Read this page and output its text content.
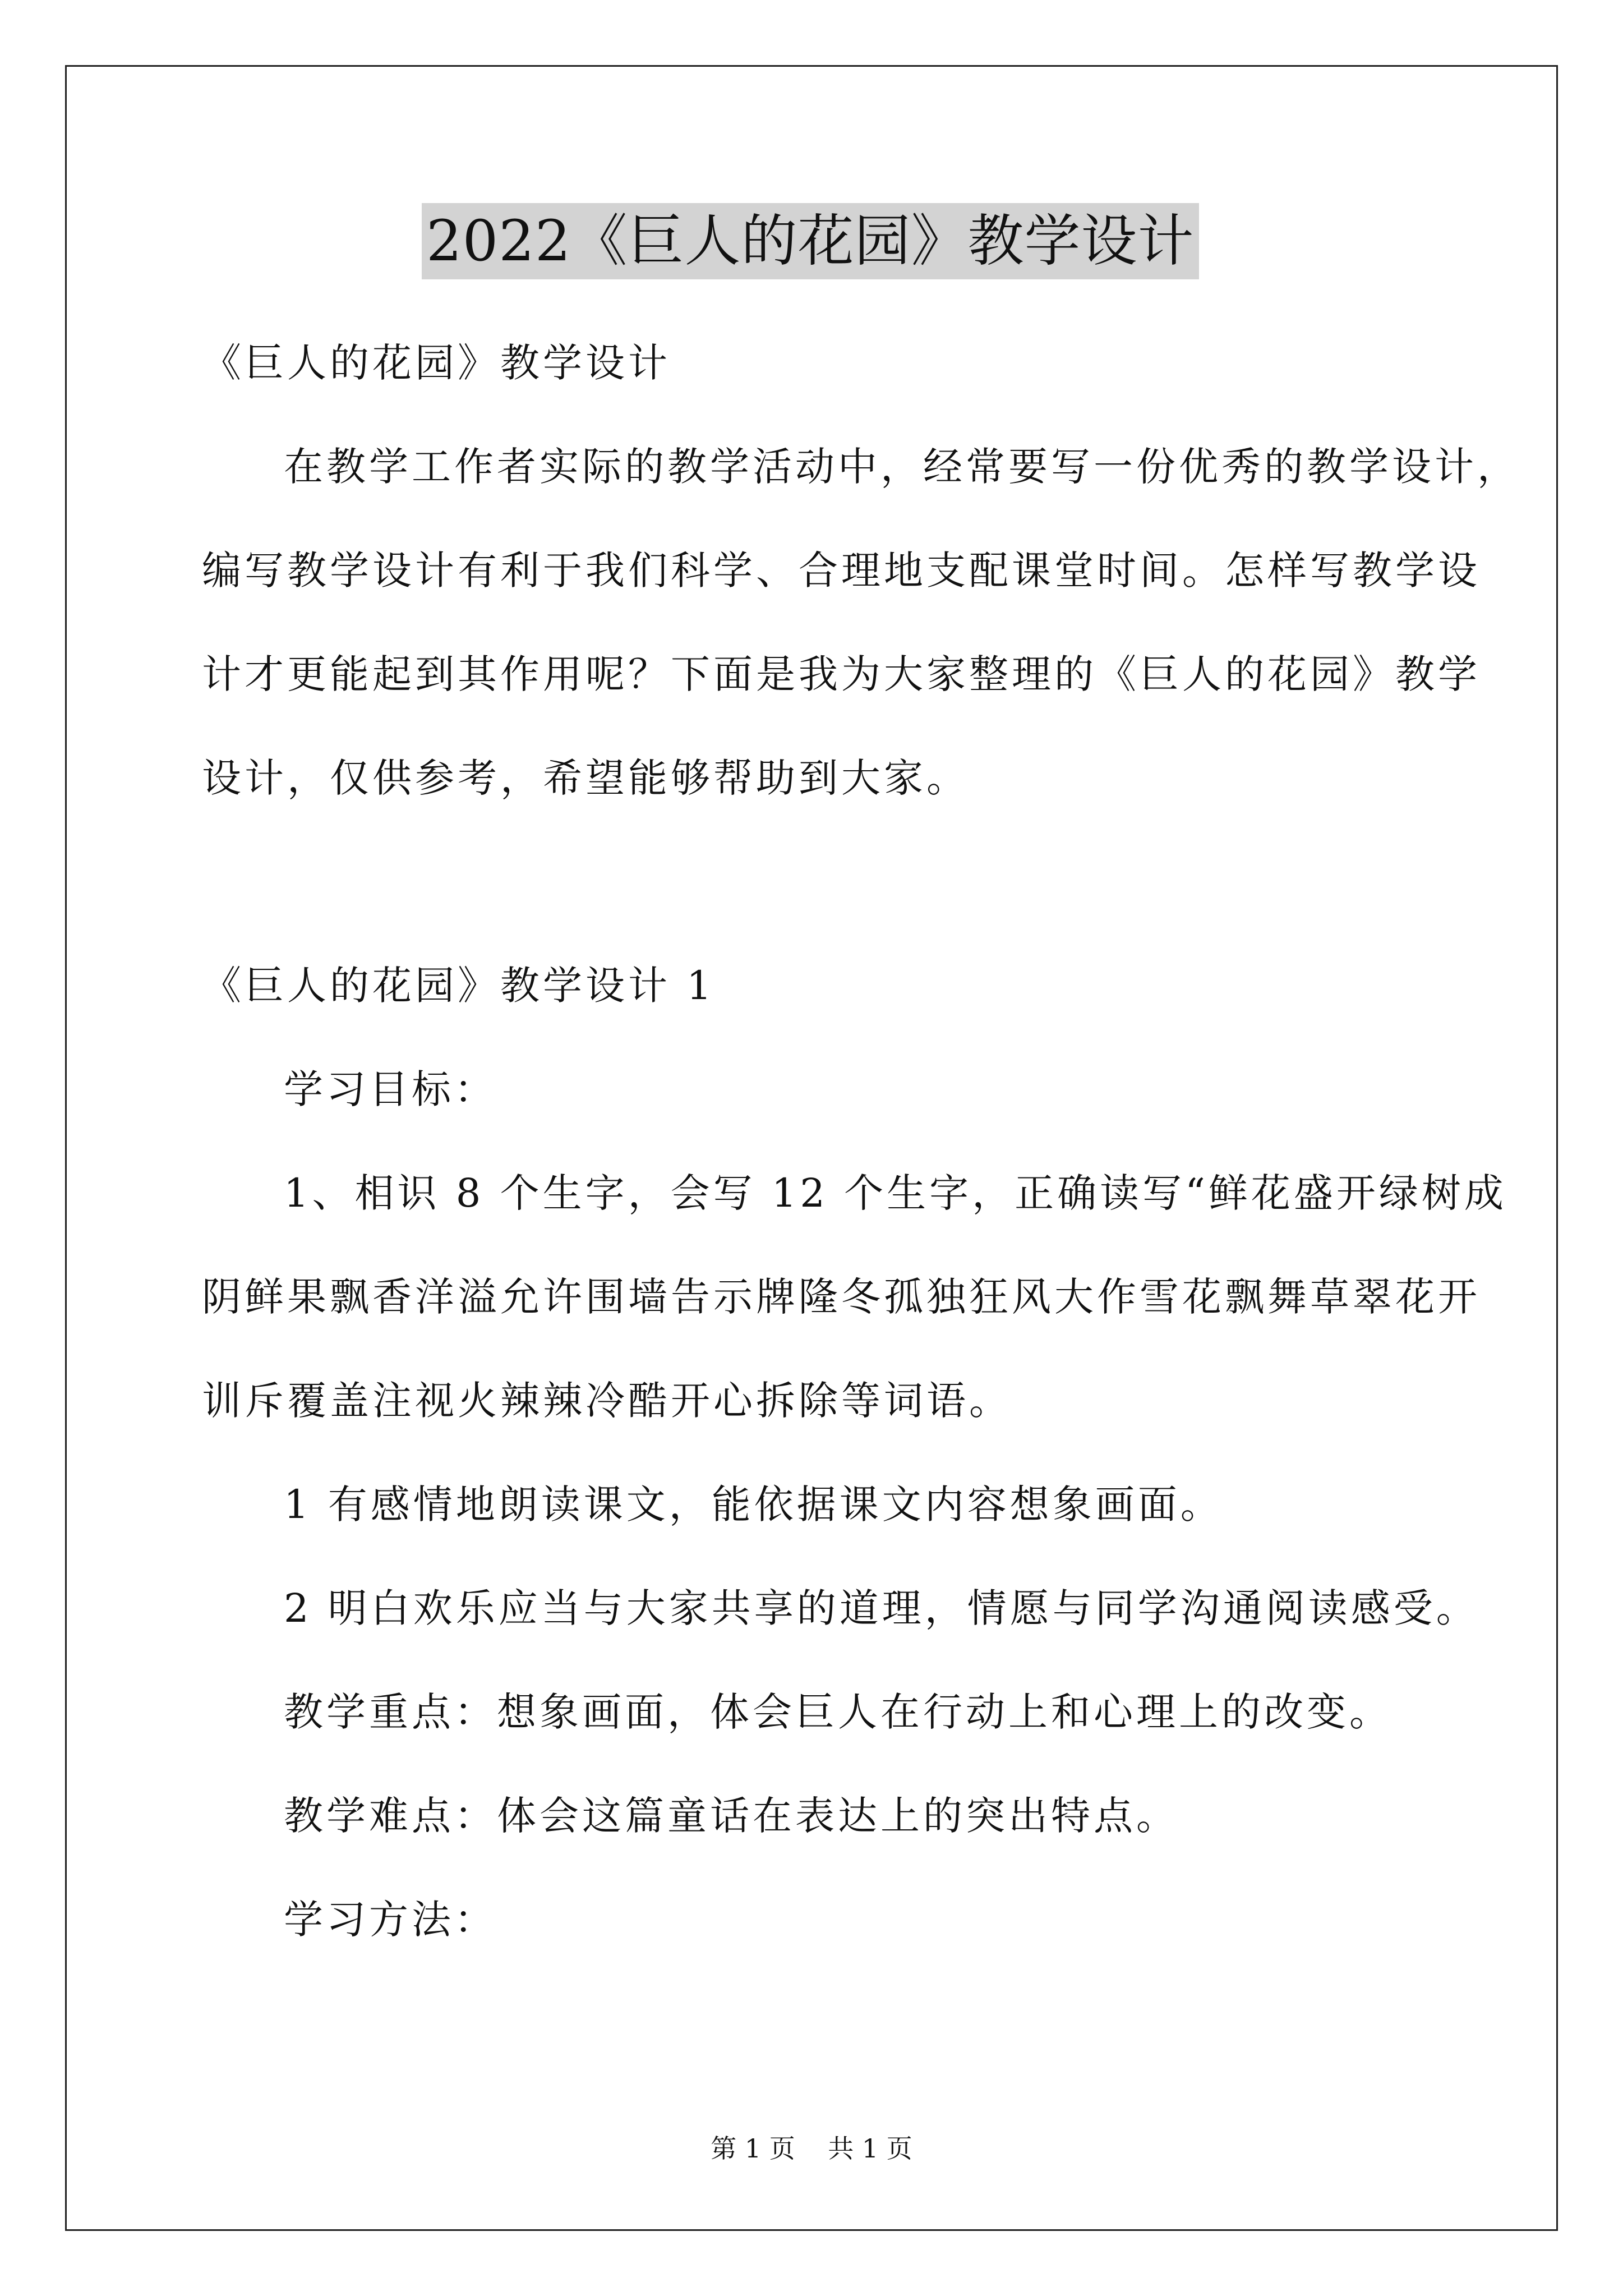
2022《巨人的花园》教学设计

《巨人的花园》教学设计

在教学工作者实际的教学活动中，经常要写一份优秀的教学设计，

编写教学设计有利于我们科学、合理地支配课堂时间。怎样写教学设

计才更能起到其作用呢？下面是我为大家整理的《巨人的花园》教学

设计，仅供参考，希望能够帮助到大家。

《巨人的花园》教学设计 1

学习目标：

1、相识 8 个生字，会写 12 个生字，正确读写“鲜花盛开绿树成

阴鲜果飘香洋溢允许围墙告示牌隆冬孤独狂风大作雪花飘舞草翠花开

训斥覆盖注视火辣辣冷酷开心拆除等词语。

1 有感情地朗读课文，能依据课文内容想象画面。

2 明白欢乐应当与大家共享的道理，情愿与同学沟通阅读感受。

教学重点：想象画面，体会巨人在行动上和心理上的改变。

教学难点：体会这篇童话在表达上的突出特点。

学习方法：

第 1 页    共 1 页
